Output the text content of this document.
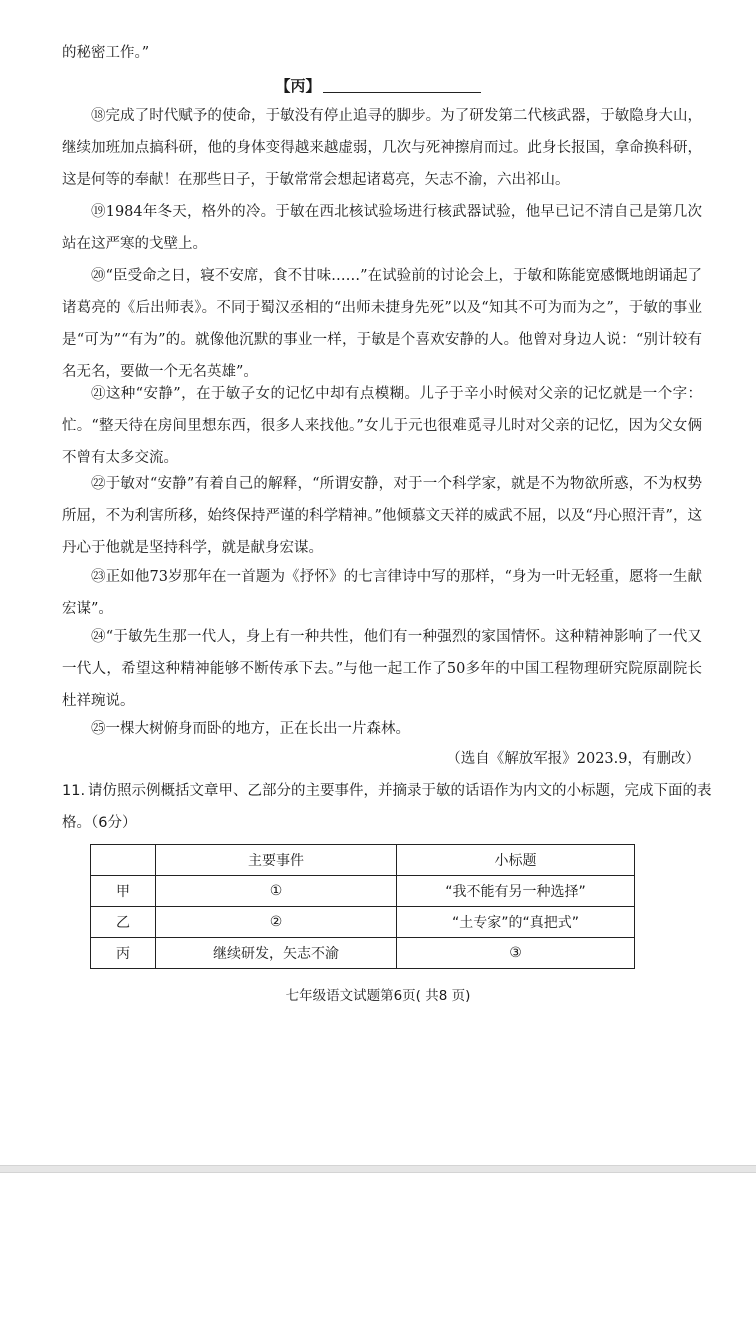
的秘密工作。”

【丙】

⑱完成了时代赋予的使命，于敏没有停止追寻的脚步。为了研发第二代核武器，于敏隐身大山，继续加班加点搞科研，他的身体变得越来越虚弱，几次与死神擦肩而过。此身长报国，拿命换科研，这是何等的奉献！在那些日子，于敏常常会想起诸葛亮，矢志不渝，六出祁山。

⑲1984年冬天，格外的冷。于敏在西北核试验场进行核武器试验，他早已记不清自己是第几次站在这严寒的戈壁上。

⑳“臣受命之日，寝不安席，食不甘味……”在试验前的讨论会上，于敏和陈能宽感慨地朗诵起了诸葛亮的《后出师表》。不同于蜀汉丞相的“出师未捷身先死”以及“知其不可为而为之”，于敏的事业是“可为”“有为”的。就像他沉默的事业一样，于敏是个喜欢安静的人。他曾对身边人说：“别计较有名无名，要做一个无名英雄”。

㉑这种“安静”，在于敏子女的记忆中却有点模糊。儿子于辛小时候对父亲的记忆就是一个字：忙。“整天待在房间里想东西，很多人来找他。”女儿于元也很难觅寻儿时对父亲的记忆，因为父女俩不曾有太多交流。

㉒于敏对“安静”有着自己的解释，“所谓安静，对于一个科学家，就是不为物欲所惑，不为权势所屈，不为利害所移，始终保持严谨的科学精神。”他倾慕文天祥的威武不屈，以及“丹心照汗青”，这丹心于他就是坚持科学，就是献身宏谋。

㉓正如他73岁那年在一首题为《抒怀》的七言律诗中写的那样，“身为一叶无轻重，愿将一生献宏谋”。

㉔“于敏先生那一代人，身上有一种共性，他们有一种强烈的家国情怀。这种精神影响了一代又一代人，希望这种精神能够不断传承下去。”与他一起工作了50多年的中国工程物理研究院原副院长杜祥琬说。

㉕一棵大树俯身而卧的地方，正在长出一片森林。

（选自《解放军报》2023.9，有删改）
11. 请仿照示例概括文章甲、乙部分的主要事件，并摘录于敏的话语作为内文的小标题，完成下面的表格。（6分）
	主要事件	小标题
甲	①	“我不能有另一种选择”
乙	②	“土专家”的“真把式”
丙	继续研发，矢志不渝	③
七年级语文试题第6页( 共8 页)
